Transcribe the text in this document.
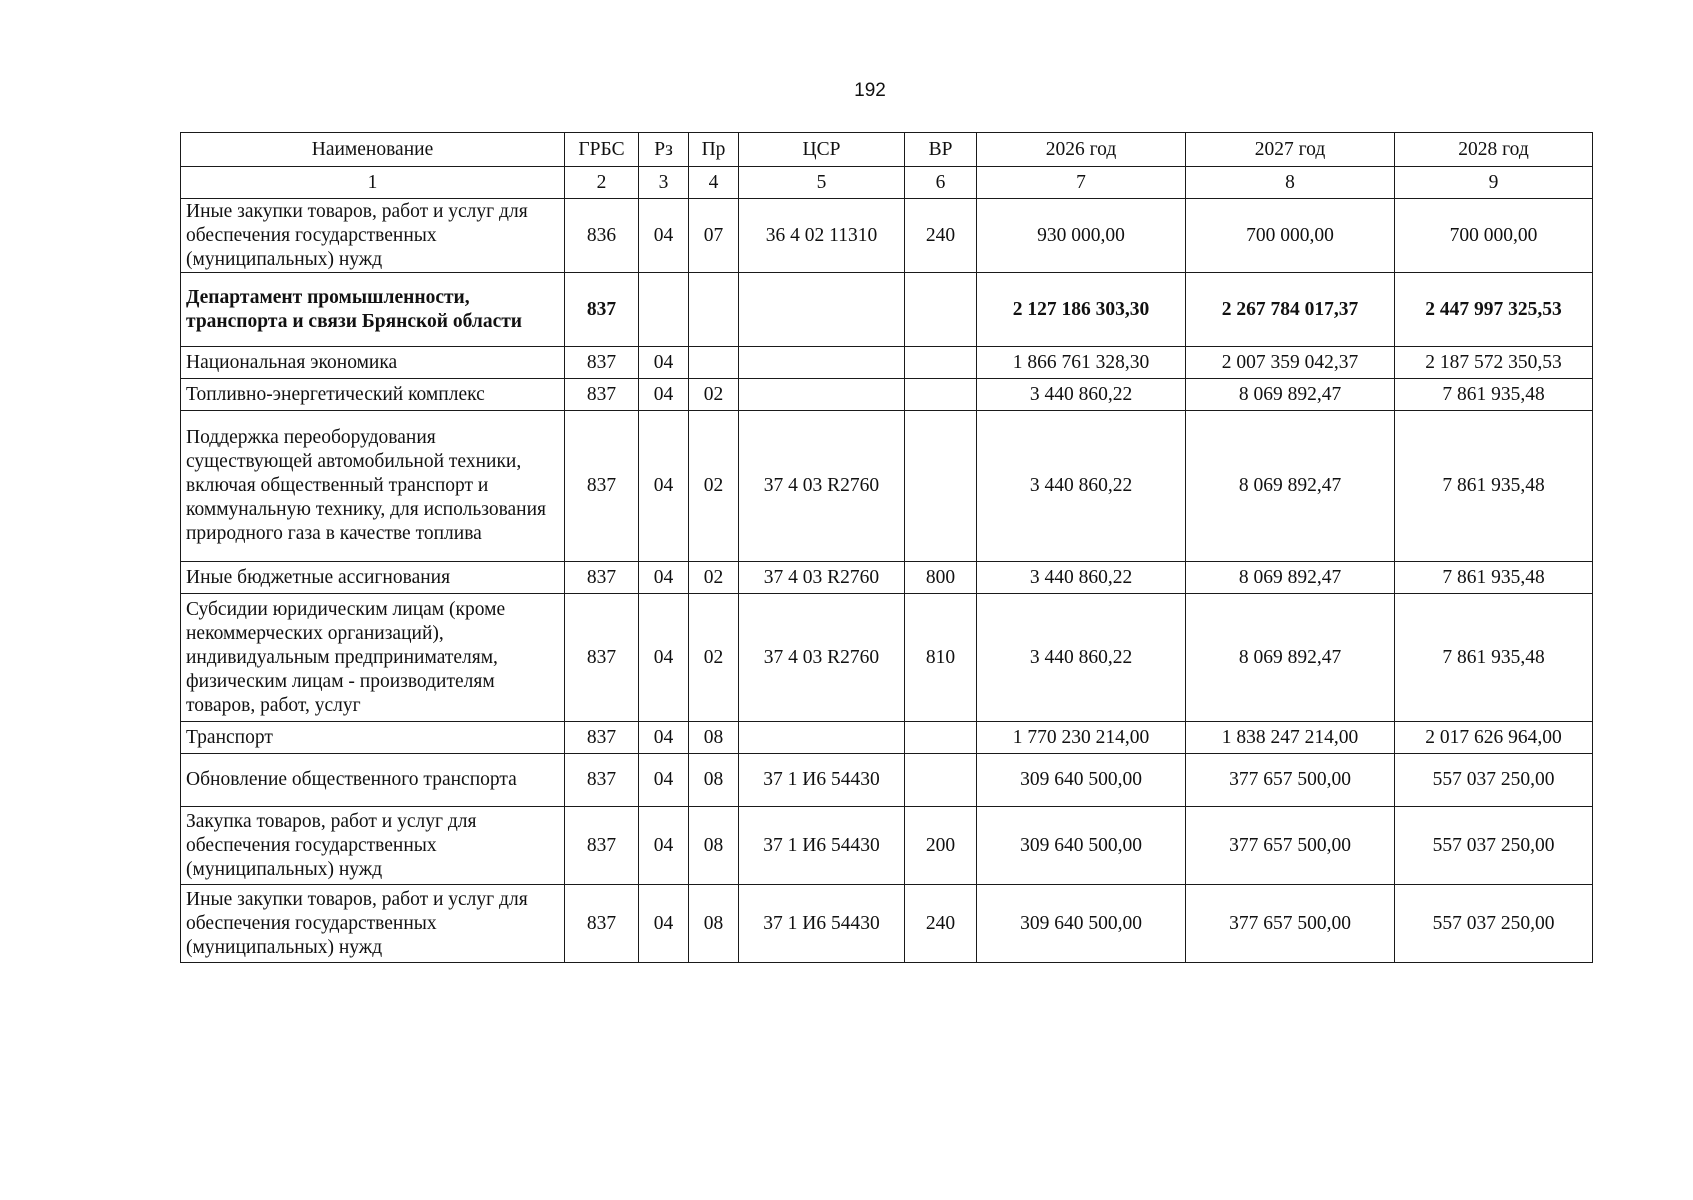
192
Наименование	ГРБС	Рз	Пр	ЦСР	ВР	2026 год	2027 год	2028 год
1	2	3	4	5	6	7	8	9
Иные закупки товаров, работ и услуг для обеспечения государственных (муниципальных) нужд	836	04	07	36 4 02 11310	240	930 000,00	700 000,00	700 000,00
Департамент промышленности, транспорта и связи Брянской области	837					2 127 186 303,30	2 267 784 017,37	2 447 997 325,53
Национальная экономика	837	04				1 866 761 328,30	2 007 359 042,37	2 187 572 350,53
Топливно-энергетический комплекс	837	04	02			3 440 860,22	8 069 892,47	7 861 935,48
Поддержка переоборудования существующей автомобильной техники, включая общественный транспорт и коммунальную технику, для использования природного газа в качестве топлива	837	04	02	37 4 03 R2760		3 440 860,22	8 069 892,47	7 861 935,48
Иные бюджетные ассигнования	837	04	02	37 4 03 R2760	800	3 440 860,22	8 069 892,47	7 861 935,48
Субсидии юридическим лицам (кроме некоммерческих организаций), индивидуальным предпринимателям, физическим лицам - производителям товаров, работ, услуг	837	04	02	37 4 03 R2760	810	3 440 860,22	8 069 892,47	7 861 935,48
Транспорт	837	04	08			1 770 230 214,00	1 838 247 214,00	2 017 626 964,00
Обновление общественного транспорта	837	04	08	37 1 И6 54430		309 640 500,00	377 657 500,00	557 037 250,00
Закупка товаров, работ и услуг для обеспечения государственных (муниципальных) нужд	837	04	08	37 1 И6 54430	200	309 640 500,00	377 657 500,00	557 037 250,00
Иные закупки товаров, работ и услуг для обеспечения государственных (муниципальных) нужд	837	04	08	37 1 И6 54430	240	309 640 500,00	377 657 500,00	557 037 250,00
